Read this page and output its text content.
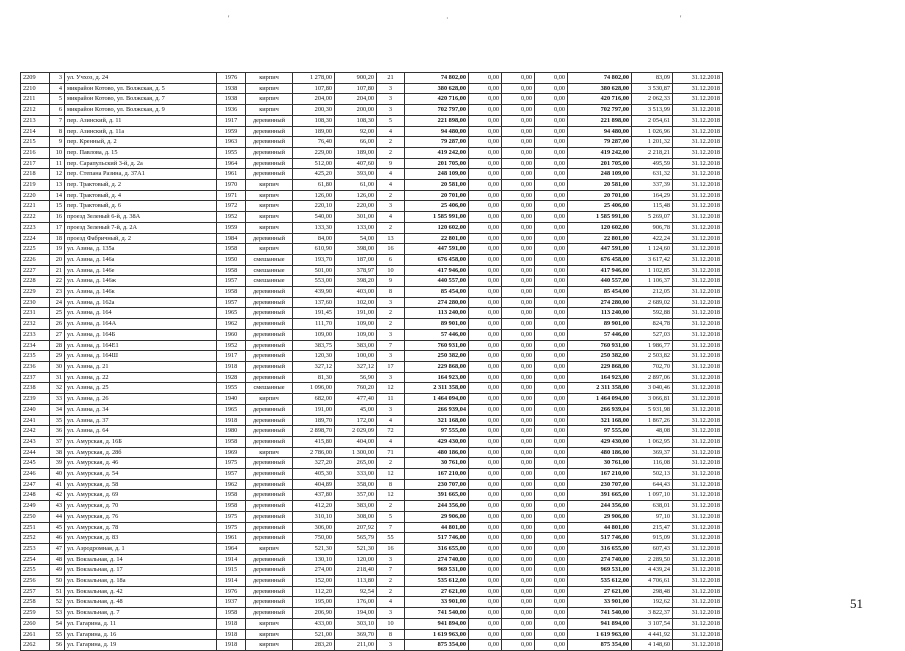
'	·	'
2209	3	ул. Учхоз, д. 24	1976	кирпич	1 278,00	900,20	21	74 802,00	0,00	0,00	0,00	74 802,00	83,09	31.12.2018
2210	4	микрайон Котово, ул. Волжская, д. 5	1938	кирпич	107,80	107,80	3	380 628,00	0,00	0,00	0,00	380 628,00	3 530,87	31.12.2018
2211	5	микрайон Котово, ул. Волжская, д. 7	1938	кирпич	204,00	204,00	3	420 716,00	0,00	0,00	0,00	420 716,00	2 062,33	31.12.2018
2212	6	микрайон Котово, ул. Волжская, д. 9	1936	кирпич	200,30	200,00	3	702 797,00	0,00	0,00	0,00	702 797,00	3 513,99	31.12.2018
2213	7	пер. Азинский, д. 11	1917	деревянный	108,30	108,30	5	221 898,00	0,00	0,00	0,00	221 898,00	2 054,61	31.12.2018
2214	8	пер. Азинский, д. 11а	1959	деревянный	189,00	92,00	4	94 480,00	0,00	0,00	0,00	94 480,00	1 026,96	31.12.2018
2215	9	пер. Кренный, д. 2	1963	деревянный	76,40	66,00	2	79 287,00	0,00	0,00	0,00	79 287,00	1 201,32	31.12.2018
2216	10	пер. Павлова, д. 15	1955	деревянный	229,00	189,00	2	419 242,00	0,00	0,00	0,00	419 242,00	2 218,21	31.12.2018
2217	11	пер. Сарапульский 3-й, д. 2а	1964	деревянный	512,00	407,60	9	201 705,00	0,00	0,00	0,00	201 705,00	495,59	31.12.2018
2218	12	пер. Степана Разина, д. 37А1	1961	деревянный	425,20	393,00	4	248 109,00	0,00	0,00	0,00	248 109,00	631,32	31.12.2018
2219	13	пер. Трактовый, д. 2	1970	кирпич	61,80	61,00	4	20 581,00	0,00	0,00	0,00	20 581,00	337,39	31.12.2018
2220	14	пер. Трактовый, д. 4	1971	кирпич	126,00	126,00	2	20 701,00	0,00	0,00	0,00	20 701,00	164,29	31.12.2018
2221	15	пер. Трактовый, д. 6	1972	кирпич	220,10	220,00	3	25 406,00	0,00	0,00	0,00	25 406,00	115,48	31.12.2018
2222	16	проезд Зеленый 6-й, д. 38А	1952	кирпич	540,00	301,00	4	1 585 991,00	0,00	0,00	0,00	1 585 991,00	5 269,07	31.12.2018
2223	17	проезд Зеленый 7-й, д. 2А	1959	кирпич	133,30	133,00	2	120 602,00	0,00	0,00	0,00	120 602,00	906,78	31.12.2018
2224	18	проезд Фабричный, д. 2	1984	деревянный	84,00	54,00	13	22 801,00	0,00	0,00	0,00	22 801,00	422,24	31.12.2018
2225	19	ул. Азина, д. 135а	1958	кирпич	610,90	398,00	16	447 591,00	0,00	0,00	0,00	447 591,00	1 124,60	31.12.2018
2226	20	ул. Азина, д. 146а	1950	смешанные	193,70	187,00	6	676 458,00	0,00	0,00	0,00	676 458,00	3 617,42	31.12.2018
2227	21	ул. Азина, д. 146е	1958	смешанные	501,00	378,97	10	417 946,00	0,00	0,00	0,00	417 946,00	1 102,85	31.12.2018
2228	22	ул. Азина, д. 146ж	1957	смешанные	553,00	398,20	9	440 557,00	0,00	0,00	0,00	440 557,00	1 106,37	31.12.2018
2229	23	ул. Азина, д. 146к	1958	деревянный	439,90	403,00	8	85 454,00	0,00	0,00	0,00	85 454,00	212,05	31.12.2018
2230	24	ул. Азина, д. 162а	1957	деревянный	137,60	102,00	3	274 280,00	0,00	0,00	0,00	274 280,00	2 689,02	31.12.2018
2231	25	ул. Азина, д. 164	1965	деревянный	191,45	191,00	2	113 240,00	0,00	0,00	0,00	113 240,00	592,88	31.12.2018
2232	26	ул. Азина, д. 164А	1962	деревянный	111,70	109,00	2	89 901,00	0,00	0,00	0,00	89 901,00	824,78	31.12.2018
2233	27	ул. Азина, д. 164Б	1960	деревянный	109,00	109,00	3	57 446,00	0,00	0,00	0,00	57 446,00	527,03	31.12.2018
2234	28	ул. Азина, д. 164Е1	1952	деревянный	383,75	383,00	7	760 931,00	0,00	0,00	0,00	760 931,00	1 986,77	31.12.2018
2235	29	ул. Азина, д. 164Ш	1917	деревянный	120,30	100,00	3	250 382,00	0,00	0,00	0,00	250 382,00	2 503,82	31.12.2018
2236	30	ул. Азина, д. 21	1918	деревянный	327,12	327,12	17	229 868,00	0,00	0,00	0,00	229 868,00	702,70	31.12.2018
2237	31	ул. Азина, д. 22	1928	деревянный	81,30	56,90	3	164 923,00	0,00	0,00	0,00	164 923,00	2 897,06	31.12.2018
2238	32	ул. Азина, д. 25	1955	смешанные	1 096,00	760,20	12	2 311 358,00	0,00	0,00	0,00	2 311 358,00	3 040,46	31.12.2018
2239	33	ул. Азина, д. 26	1940	кирпич	682,00	477,40	11	1 464 094,00	0,00	0,00	0,00	1 464 094,00	3 066,81	31.12.2018
2240	34	ул. Азина, д. 34	1965	деревянный	191,00	45,00	3	266 939,04	0,00	0,00	0,00	266 939,04	5 931,98	31.12.2018
2241	35	ул. Азина, д. 37	1918	деревянный	189,70	172,00	4	321 168,00	0,00	0,00	0,00	321 168,00	1 867,26	31.12.2018
2242	36	ул. Азина, д. 64	1980	деревянный	2 898,70	2 029,09	72	97 555,00	0,00	0,00	0,00	97 555,00	48,08	31.12.2018
2243	37	ул. Амурская, д. 16Б	1958	деревянный	415,80	404,00	4	429 430,00	0,00	0,00	0,00	429 430,00	1 062,95	31.12.2018
2244	38	ул. Амурская, д. 28б	1969	кирпич	2 786,00	1 300,00	71	480 186,00	0,00	0,00	0,00	480 186,00	369,37	31.12.2018
2245	39	ул. Амурская, д. 46	1975	деревянный	327,20	265,00	2	30 761,00	0,00	0,00	0,00	30 761,00	116,08	31.12.2018
2246	40	ул. Амурская, д. 54	1957	деревянный	405,30	333,00	12	167 210,00	0,00	0,00	0,00	167 210,00	502,13	31.12.2018
2247	41	ул. Амурская, д. 58	1962	деревянный	404,89	358,00	8	230 707,00	0,00	0,00	0,00	230 707,00	644,43	31.12.2018
2248	42	ул. Амурская, д. 69	1958	деревянный	437,80	357,00	12	391 665,00	0,00	0,00	0,00	391 665,00	1 097,10	31.12.2018
2249	43	ул. Амурская, д. 70	1958	деревянный	412,20	383,00	2	244 356,00	0,00	0,00	0,00	244 356,00	638,01	31.12.2018
2250	44	ул. Амурская, д. 76	1975	деревянный	310,10	308,00	5	29 906,00	0,00	0,00	0,00	29 906,00	97,10	31.12.2018
2251	45	ул. Амурская, д. 78	1975	деревянный	306,00	207,92	7	44 801,00	0,00	0,00	0,00	44 801,00	215,47	31.12.2018
2252	46	ул. Амурская, д. 83	1961	деревянный	750,00	565,79	55	517 746,00	0,00	0,00	0,00	517 746,00	915,09	31.12.2018
2253	47	ул. Аэродромная, д. 1	1964	кирпич	521,30	521,30	16	316 655,00	0,00	0,00	0,00	316 655,00	607,43	31.12.2018
2254	48	ул. Вокзальная, д. 14	1914	деревянный	130,10	120,00	3	274 740,00	0,00	0,00	0,00	274 740,00	2 289,50	31.12.2018
2255	49	ул. Вокзальная, д. 17	1915	деревянный	274,00	218,40	7	969 531,00	0,00	0,00	0,00	969 531,00	4 439,24	31.12.2018
2256	50	ул. Вокзальная, д. 18а	1914	деревянный	152,00	113,80	2	535 612,00	0,00	0,00	0,00	535 612,00	4 706,61	31.12.2018
2257	51	ул. Вокзальная, д. 42	1976	деревянный	112,20	92,54	2	27 621,00	0,00	0,00	0,00	27 621,00	298,48	31.12.2018
2258	52	ул. Вокзальная, д. 48	1937	деревянный	195,00	176,00	4	33 901,00	0,00	0,00	0,00	33 901,00	192,62	31.12.2018
2259	53	ул. Вокзальная, д. 7	1958	деревянный	206,90	194,00	3	741 540,00	0,00	0,00	0,00	741 540,00	3 822,37	31.12.2018
2260	54	ул. Гагарина, д. 11	1918	кирпич	433,00	303,10	10	941 894,00	0,00	0,00	0,00	941 894,00	3 107,54	31.12.2018
2261	55	ул. Гагарина, д. 16	1918	кирпич	521,00	369,70	8	1 619 963,00	0,00	0,00	0,00	1 619 963,00	4 441,92	31.12.2018
2262	56	ул. Гагарина, д. 19	1918	кирпич	283,20	211,00	3	875 354,00	0,00	0,00	0,00	875 354,00	4 148,60	31.12.2018
51
